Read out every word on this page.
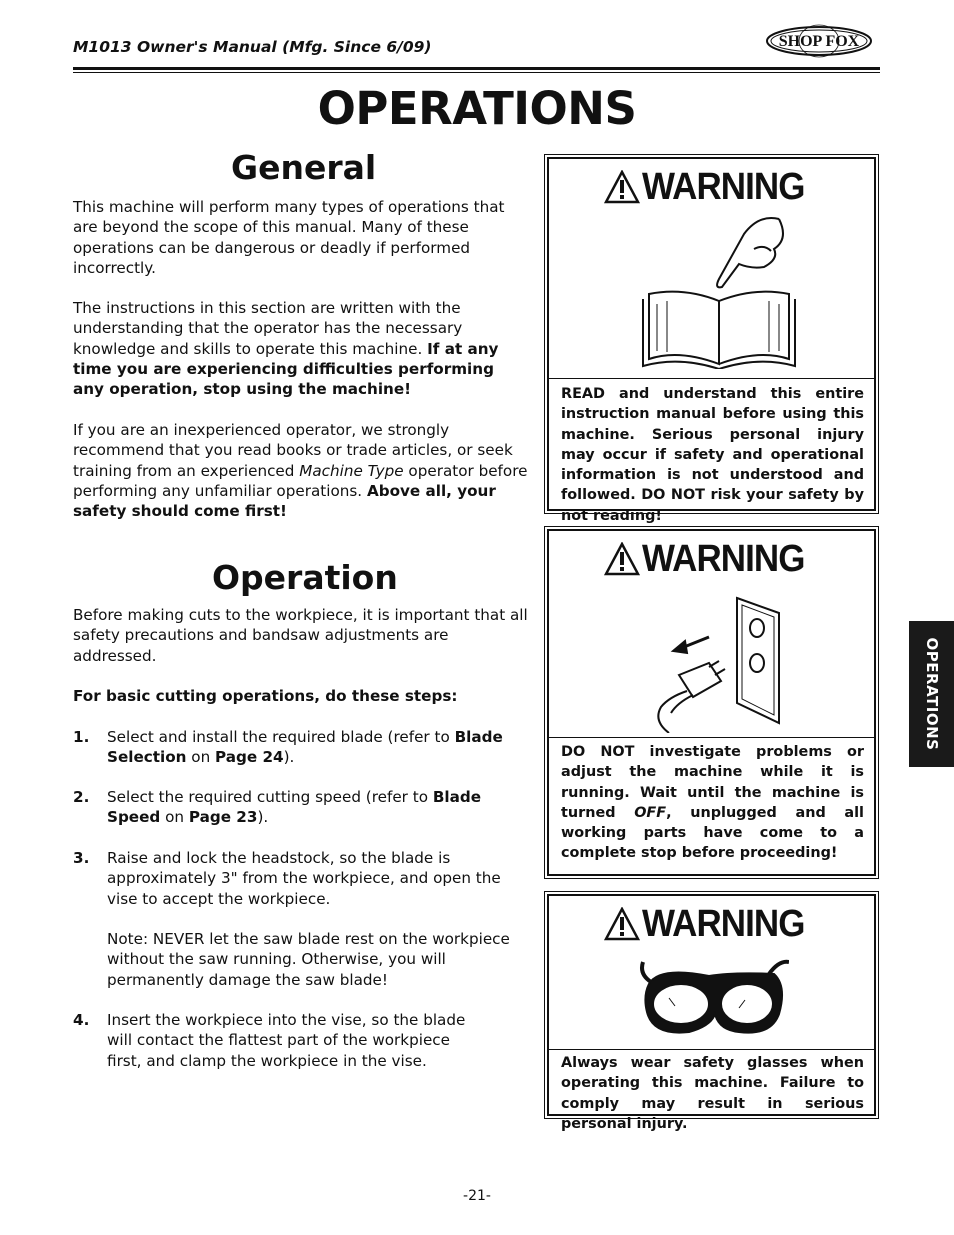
M1013 Owner's Manual (Mfg. Since 6/09)	SHOP FOX
OPERATIONS
General
This machine will perform many types of operations that are beyond the scope of this manual. Many of these operations can be dangerous or deadly if performed incorrectly.
The instructions in this section are written with the understanding that the operator has the necessary knowledge and skills to operate this machine. If at any time you are experiencing difficulties performing any operation, stop using the machine!
If you are an inexperienced operator, we strongly recommend that you read books or trade articles, or seek training from an experienced Machine Type operator before performing any unfamiliar operations. Above all, your safety should come first!
Operation
Before making cuts to the workpiece, it is important that all safety precautions and bandsaw adjustments are addressed.
For basic cutting operations, do these steps:
1. Select and install the required blade (refer to Blade Selection on Page 24).
2. Select the required cutting speed (refer to Blade Speed on Page 23).
3. Raise and lock the headstock, so the blade is approximately 3" from the workpiece, and open the vise to accept the workpiece.
Note: NEVER let the saw blade rest on the workpiece without the saw running. Otherwise, you will permanently damage the saw blade!
4. Insert the workpiece into the vise, so the blade will contact the flattest part of the workpiece first, and clamp the workpiece in the vise.
WARNING
READ and understand this entire instruction manual before using this machine. Serious personal injury may occur if safety and operational information is not understood and followed. DO NOT risk your safety by not reading!
WARNING
DO NOT investigate problems or adjust the machine while it is running. Wait until the machine is turned OFF, unplugged and all working parts have come to a complete stop before proceeding!
WARNING
Always wear safety glasses when operating this machine. Failure to comply may result in serious personal injury.
OPERATIONS
-21-
